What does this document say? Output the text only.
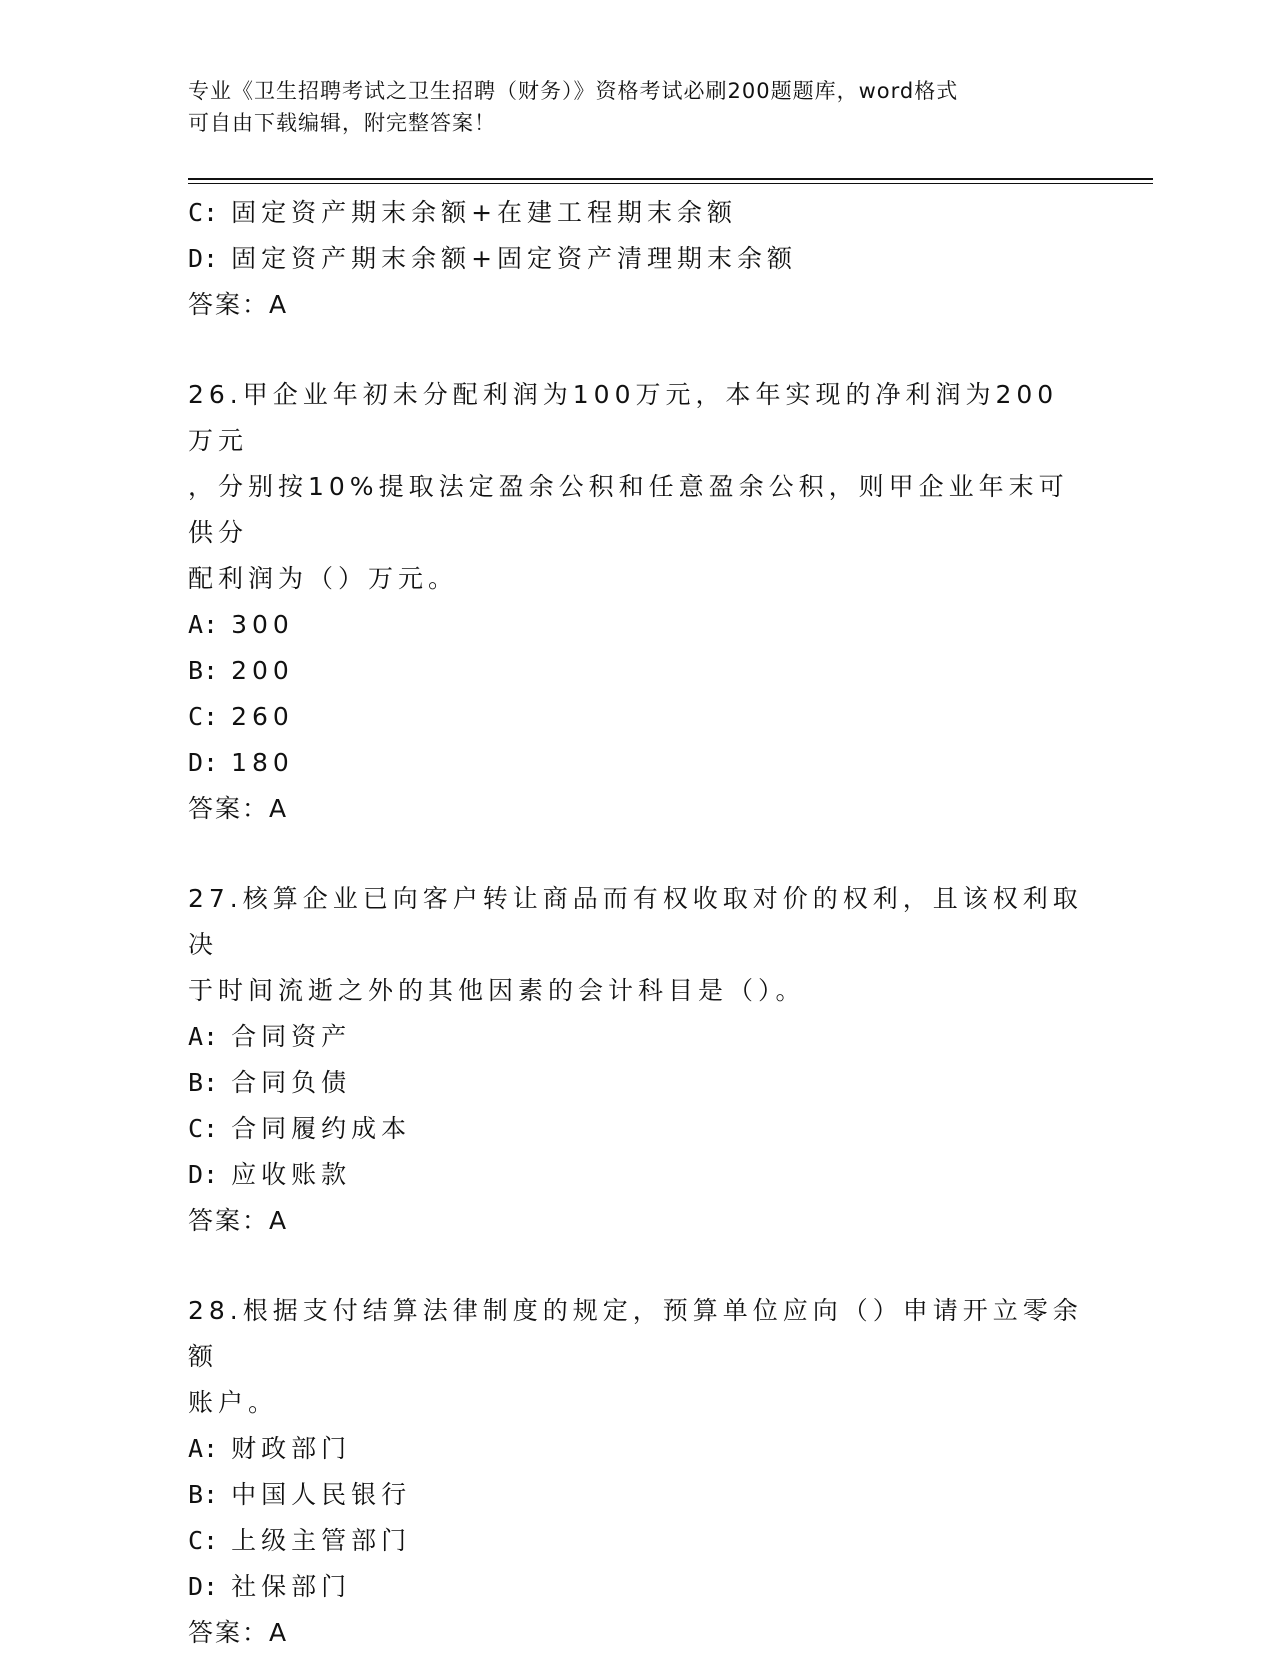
专业《卫生招聘考试之卫生招聘（财务）》资格考试必刷200题题库，word格式
可自由下载编辑，附完整答案！
C: 固定资产期末余额+在建工程期末余额
D: 固定资产期末余额+固定资产清理期末余额
答案：A
26.甲企业年初未分配利润为100万元，本年实现的净利润为200万元
，分别按10%提取法定盈余公积和任意盈余公积，则甲企业年末可供分
配利润为（）万元。
A: 300
B: 200
C: 260
D: 180
答案：A
27.核算企业已向客户转让商品而有权收取对价的权利，且该权利取决
于时间流逝之外的其他因素的会计科目是（）。
A: 合同资产
B: 合同负债
C: 合同履约成本
D: 应收账款
答案：A
28.根据支付结算法律制度的规定，预算单位应向（）申请开立零余额
账户。
A: 财政部门
B: 中国人民银行
C: 上级主管部门
D: 社保部门
答案：A
